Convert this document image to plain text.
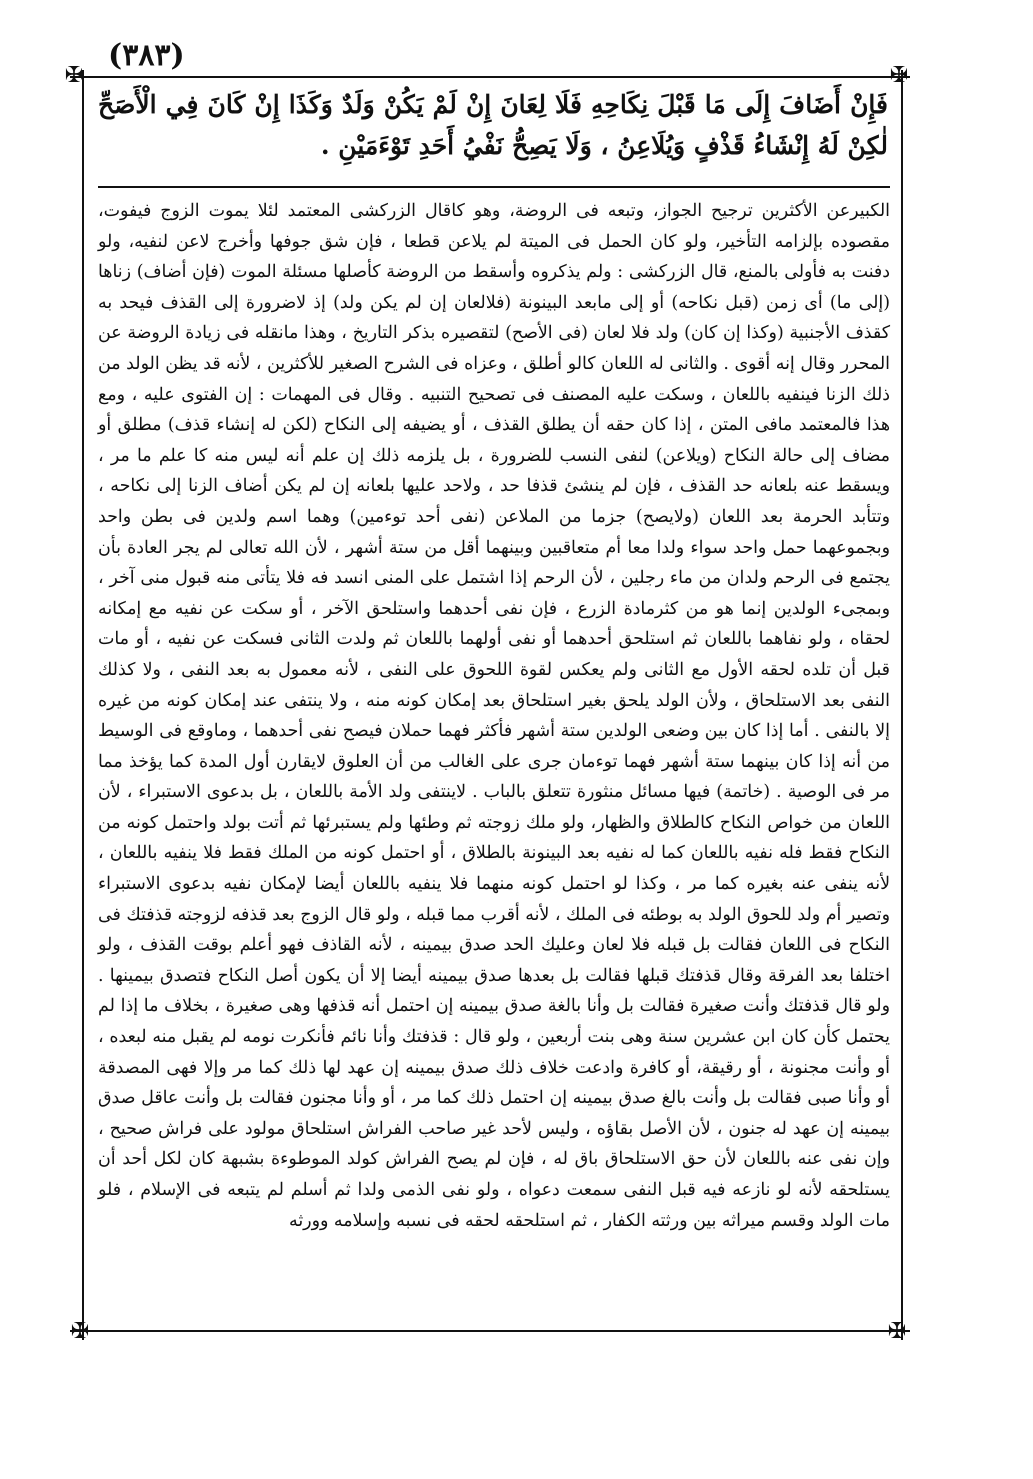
✠	✠
✠	✠
(٣٨٣)
فَإِنْ أَضَافَ إِلَى مَا قَبْلَ نِكَاحِهِ فَلَا لِعَانَ إِنْ لَمْ يَكُنْ وَلَدٌ وَكَذَا إِنْ كَانَ فِي الْأَصَحِّ لٰكِنْ لَهُ إِنْشَاءُ قَذْفٍ وَيُلَاعِنُ ، وَلَا يَصِحُّ نَفْيُ أَحَدِ تَوْءَمَيْنِ .

الكبيرعن الأكثرين ترجيح الجواز، وتبعه فى الروضة، وهو كاقال الزركشى المعتمد لئلا يموت الزوج فيفوت، مقصوده بإلزامه التأخير، ولو كان الحمل فى الميتة لم يلاعن قطعا ، فإن شق جوفها وأخرج لاعن لنفيه، ولو دفنت به فأولى بالمنع، قال الزركشى : ولم يذكروه وأسقط من الروضة كأصلها مسئلة الموت (فإن أضاف) زناها (إلى ما) أى زمن (قبل نكاحه) أو إلى مابعد البينونة (فلالعان إن لم يكن ولد) إذ لاضرورة إلى القذف فيحد به كقذف الأجنبية (وكذا إن كان) ولد فلا لعان (فى الأصح) لتقصيره بذكر التاريخ ، وهذا مانقله فى زيادة الروضة عن المحرر وقال إنه أقوى . والثانى له اللعان كالو أطلق ، وعزاه فى الشرح الصغير للأكثرين ، لأنه قد يظن الولد من ذلك الزنا فينفيه باللعان ، وسكت عليه المصنف فى تصحيح التنبيه . وقال فى المهمات : إن الفتوى عليه ، ومع هذا فالمعتمد مافى المتن ، إذا كان حقه أن يطلق القذف ، أو يضيفه إلى النكاح (لكن له إنشاء قذف) مطلق أو مضاف إلى حالة النكاح (ويلاعن) لنفى النسب للضرورة ، بل يلزمه ذلك إن علم أنه ليس منه كا علم ما مر ، ويسقط عنه بلعانه حد القذف ، فإن لم ينشئ قذفا حد ، ولاحد عليها بلعانه إن لم يكن أضاف الزنا إلى نكاحه ، وتتأبد الحرمة بعد اللعان (ولايصح) جزما من الملاعن (نفى أحد توءمين) وهما اسم ولدين فى بطن واحد وبجموعهما حمل واحد سواء ولدا معا أم متعاقبين وبينهما أقل من ستة أشهر ، لأن الله تعالى لم يجر العادة بأن يجتمع فى الرحم ولدان من ماء رجلين ، لأن الرحم إذا اشتمل على المنى انسد فه فلا يتأتى منه قبول منى آخر ، وبمجىء الولدين إنما هو من كثرمادة الزرع ، فإن نفى أحدهما واستلحق الآخر ، أو سكت عن نفيه مع إمكانه لحقاه ، ولو نفاهما باللعان ثم استلحق أحدهما أو نفى أولهما باللعان ثم ولدت الثانى فسكت عن نفيه ، أو مات قبل أن تلده لحقه الأول مع الثانى ولم يعكس لقوة اللحوق على النفى ، لأنه معمول به بعد النفى ، ولا كذلك النفى بعد الاستلحاق ، ولأن الولد يلحق بغير استلحاق بعد إمكان كونه منه ، ولا ينتفى عند إمكان كونه من غيره إلا بالنفى . أما إذا كان بين وضعى الولدين ستة أشهر فأكثر فهما حملان فيصح نفى أحدهما ، وماوقع فى الوسيط من أنه إذا كان بينهما ستة أشهر فهما توءمان جرى على الغالب من أن العلوق لايقارن أول المدة كما يؤخذ مما مر فى الوصية . (خاتمة) فيها مسائل منثورة تتعلق بالباب . لاينتفى ولد الأمة باللعان ، بل بدعوى الاستبراء ، لأن اللعان من خواص النكاح كالطلاق والظهار، ولو ملك زوجته ثم وطئها ولم يستبرئها ثم أتت بولد واحتمل كونه من النكاح فقط فله نفيه باللعان كما له نفيه بعد البينونة بالطلاق ، أو احتمل كونه من الملك فقط فلا ينفيه باللعان ، لأنه ينفى عنه بغيره كما مر ، وكذا لو احتمل كونه منهما فلا ينفيه باللعان أيضا لإمكان نفيه بدعوى الاستبراء وتصير أم ولد للحوق الولد به بوطئه فى الملك ، لأنه أقرب مما قبله ، ولو قال الزوج بعد قذفه لزوجته قذفتك فى النكاح فى اللعان فقالت بل قبله فلا لعان وعليك الحد صدق بيمينه ، لأنه القاذف فهو أعلم بوقت القذف ، ولو اختلفا بعد الفرقة وقال قذفتك قبلها فقالت بل بعدها صدق بيمينه أيضا إلا أن يكون أصل النكاح فتصدق بيمينها . ولو قال قذفتك وأنت صغيرة فقالت بل وأنا بالغة صدق بيمينه إن احتمل أنه قذفها وهى صغيرة ، بخلاف ما إذا لم يحتمل كأن كان ابن عشرين سنة وهى بنت أربعين ، ولو قال : قذفتك وأنا نائم فأنكرت نومه لم يقبل منه لبعده ، أو وأنت مجنونة ، أو رقيقة، أو كافرة وادعت خلاف ذلك صدق بيمينه إن عهد لها ذلك كما مر وإلا فهى المصدقة أو وأنا صبى فقالت بل وأنت بالغ صدق بيمينه إن احتمل ذلك كما مر ، أو وأنا مجنون فقالت بل وأنت عاقل صدق بيمينه إن عهد له جنون ، لأن الأصل بقاؤه ، وليس لأحد غير صاحب الفراش استلحاق مولود على فراش صحيح ، وإن نفى عنه باللعان لأن حق الاستلحاق باق له ، فإن لم يصح الفراش كولد الموطوءة بشبهة كان لكل أحد أن يستلحقه لأنه لو نازعه فيه قبل النفى سمعت دعواه ، ولو نفى الذمى ولدا ثم أسلم لم يتبعه فى الإسلام ، فلو مات الولد وقسم ميراثه بين ورثته الكفار ، ثم استلحقه لحقه فى نسبه وإسلامه وورثه
